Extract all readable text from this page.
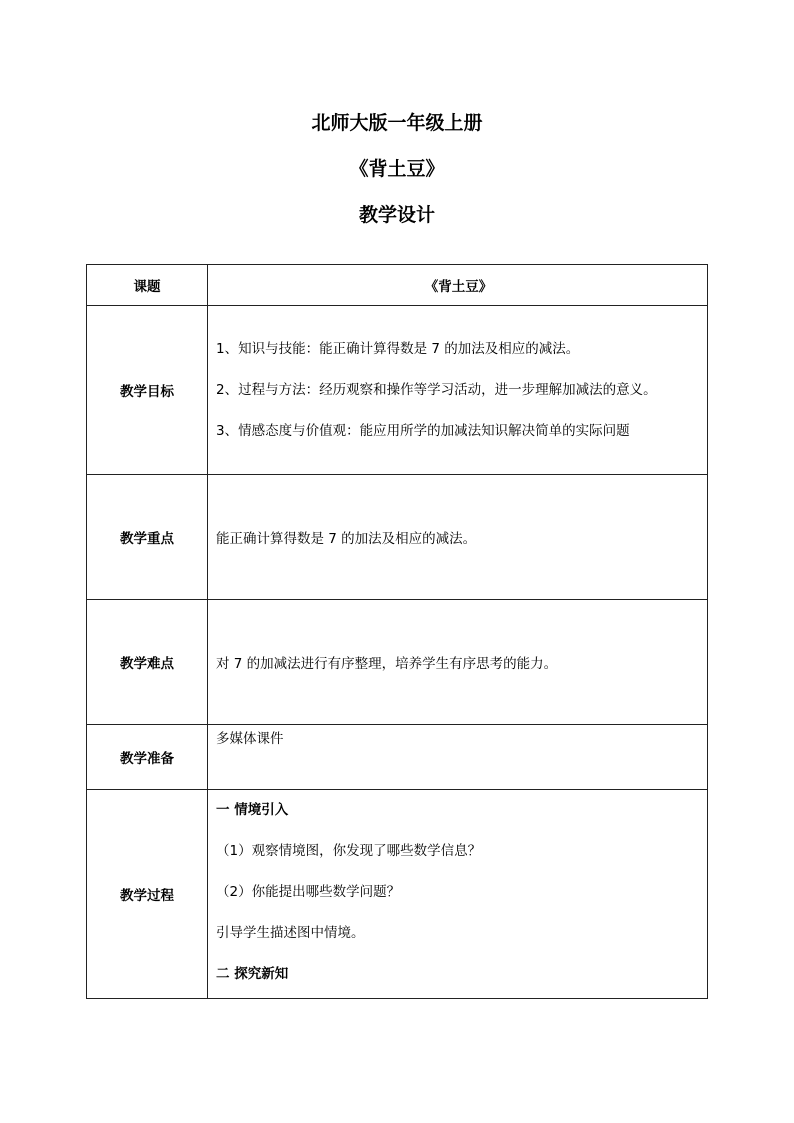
北师大版一年级上册
《背土豆》
教学设计
课题	《背土豆》
教学目标	1、知识与技能：能正确计算得数是 7 的加法及相应的减法。

2、过程与方法：经历观察和操作等学习活动，进一步理解加减法的意义。

3、情感态度与价值观：能应用所学的加减法知识解决简单的实际问题

教学重点	能正确计算得数是 7 的加法及相应的减法。
教学难点	对 7 的加减法进行有序整理，培养学生有序思考的能力。
教学准备	多媒体课件
教学过程	一 情境引入

（1）观察情境图，你发现了哪些数学信息？

（2）你能提出哪些数学问题？

引导学生描述图中情境。

二 探究新知
